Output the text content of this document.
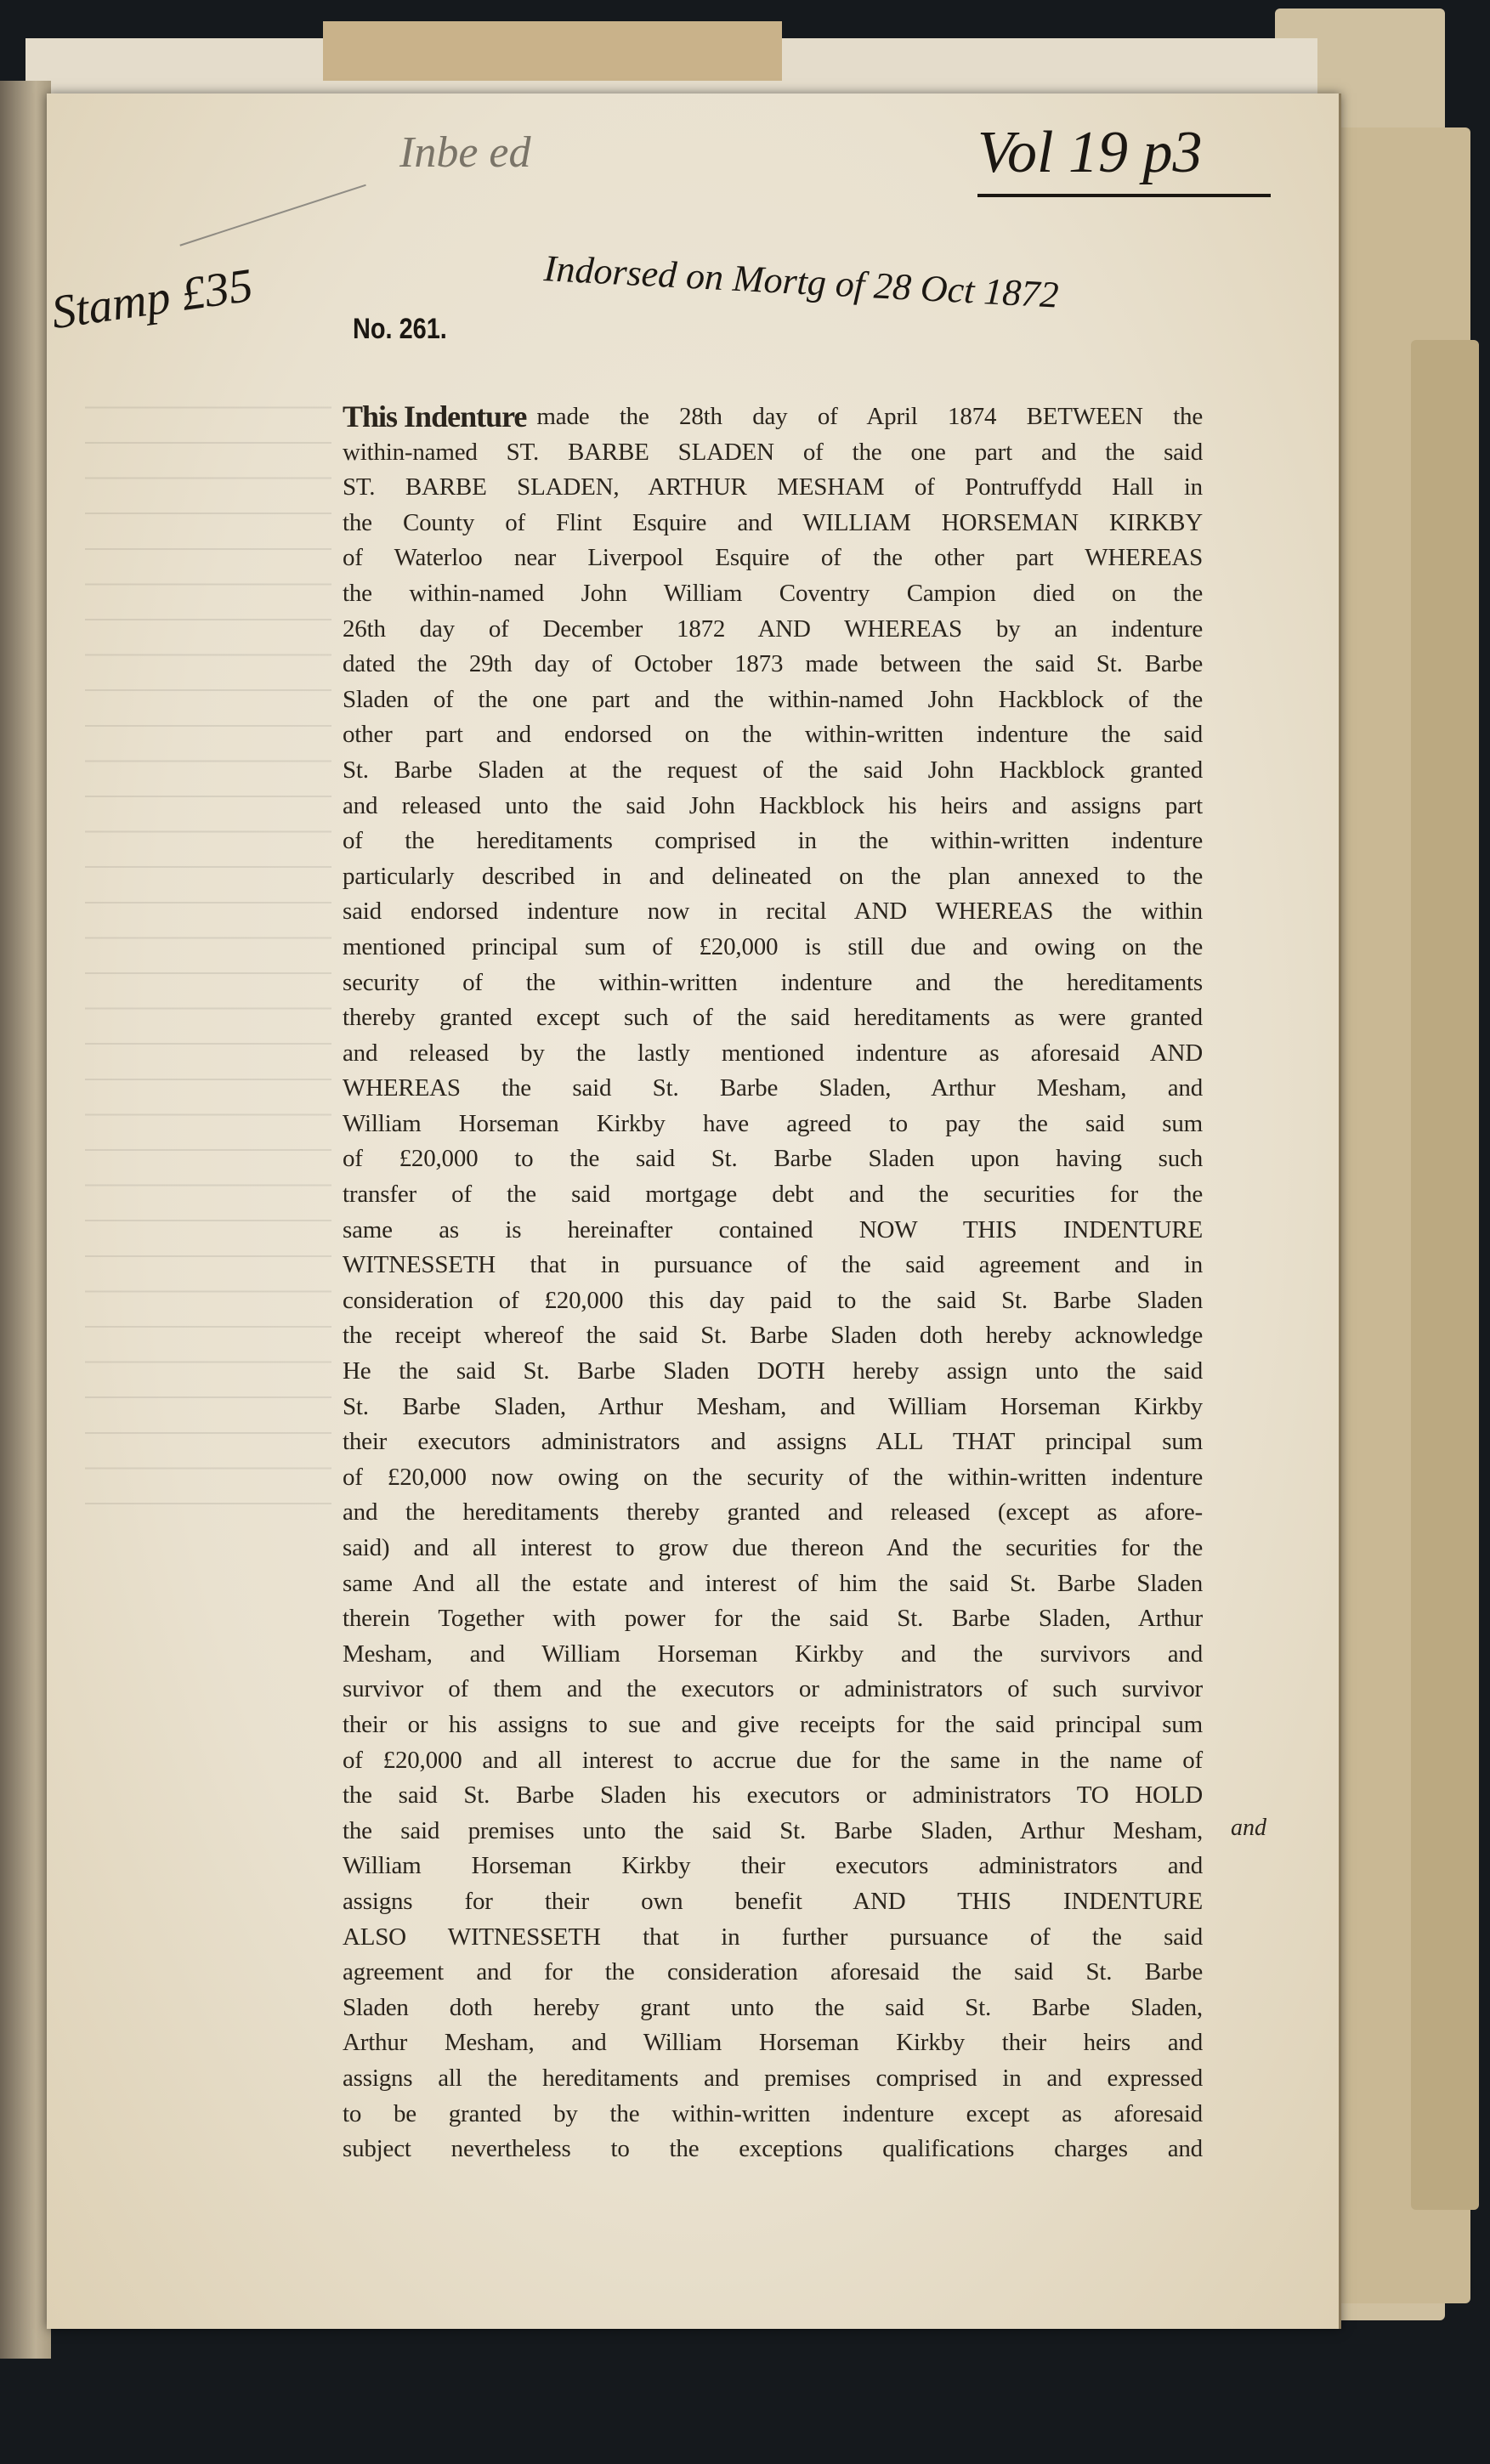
Inbe ed	Vol 19 p3
Indorsed on Mortg of 28 Oct 1872
Stamp £35	No. 261.
This Indenture made the 28th day of April 1874 BETWEEN the
within-named ST. BARBE SLADEN of the one part and the said
ST. BARBE SLADEN, ARTHUR MESHAM of Pontruffydd Hall in
the County of Flint Esquire and WILLIAM HORSEMAN KIRKBY
of Waterloo near Liverpool Esquire of the other part WHEREAS
the within-named John William Coventry Campion died on the
26th day of December 1872 AND WHEREAS by an indenture
dated the 29th day of October 1873 made between the said St. Barbe
Sladen of the one part and the within-named John Hackblock of the
other part and endorsed on the within-written indenture the said
St. Barbe Sladen at the request of the said John Hackblock granted
and released unto the said John Hackblock his heirs and assigns part
of the hereditaments comprised in the within-written indenture
particularly described in and delineated on the plan annexed to the
said endorsed indenture now in recital AND WHEREAS the within
mentioned principal sum of £20,000 is still due and owing on the
security of the within-written indenture and the hereditaments
thereby granted except such of the said hereditaments as were granted
and released by the lastly mentioned indenture as aforesaid AND
WHEREAS the said St. Barbe Sladen, Arthur Mesham, and
William Horseman Kirkby have agreed to pay the said sum
of £20,000 to the said St. Barbe Sladen upon having such
transfer of the said mortgage debt and the securities for the
same as is hereinafter contained NOW THIS INDENTURE
WITNESSETH that in pursuance of the said agreement and in
consideration of £20,000 this day paid to the said St. Barbe Sladen
the receipt whereof the said St. Barbe Sladen doth hereby acknowledge
He the said St. Barbe Sladen DOTH hereby assign unto the said
St. Barbe Sladen, Arthur Mesham, and William Horseman Kirkby
their executors administrators and assigns ALL THAT principal sum
of £20,000 now owing on the security of the within-written indenture
and the hereditaments thereby granted and released (except as afore-
said) and all interest to grow due thereon And the securities for the
same And all the estate and interest of him the said St. Barbe Sladen
therein Together with power for the said St. Barbe Sladen, Arthur
Mesham, and William Horseman Kirkby and the survivors and
survivor of them and the executors or administrators of such survivor
their or his assigns to sue and give receipts for the said principal sum
of £20,000 and all interest to accrue due for the same in the name of
the said St. Barbe Sladen his executors or administrators TO HOLD
the said premises unto the said St. Barbe Sladen, Arthur Mesham,
William Horseman Kirkby their executors administrators and
assigns for their own benefit AND THIS INDENTURE
ALSO WITNESSETH that in further pursuance of the said
agreement and for the consideration aforesaid the said St. Barbe
Sladen doth hereby grant unto the said St. Barbe Sladen,
Arthur Mesham, and William Horseman Kirkby their heirs and
assigns all the hereditaments and premises comprised in and expressed
to be granted by the within-written indenture except as aforesaid
subject nevertheless to the exceptions qualifications charges and
and
